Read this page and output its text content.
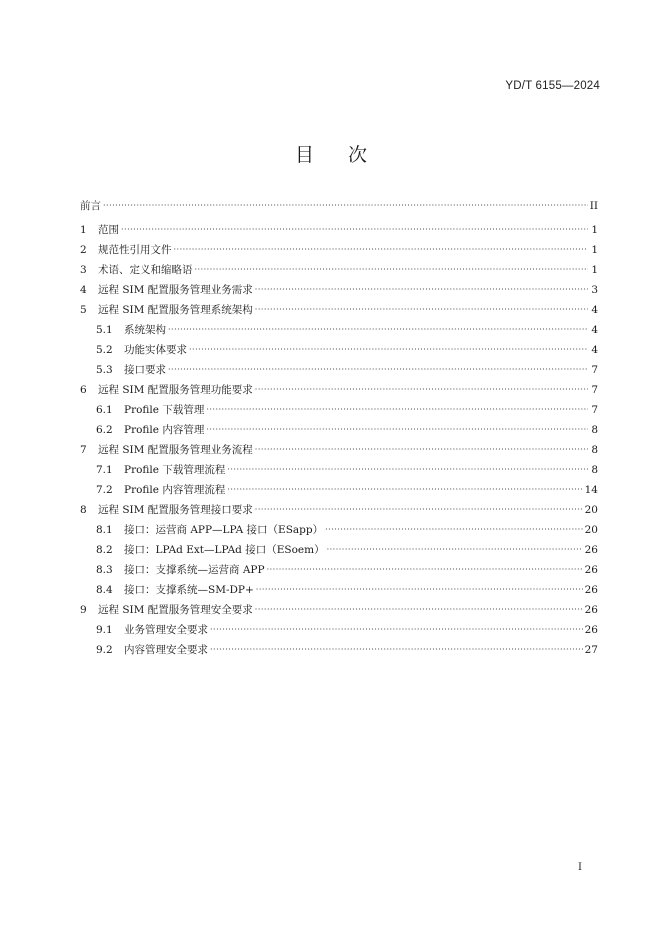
YD/T 6155—2024
目 次
前言 ·····	II
1	范围 ·····	1
2	规范性引用文件 ·····	1
3	术语、定义和缩略语 ·····	1
4	远程 SIM 配置服务管理业务需求 ·····	3
5	远程 SIM 配置服务管理系统架构 ·····	4
5.1	系统架构 ·····	4
5.2	功能实体要求 ·····	4
5.3	接口要求 ·····	7
6	远程 SIM 配置服务管理功能要求 ·····	7
6.1	Profile 下载管理 ·····	7
6.2	Profile 内容管理 ·····	8
7	远程 SIM 配置服务管理业务流程 ·····	8
7.1	Profile 下载管理流程 ·····	8
7.2	Profile 内容管理流程 ·····	14
8	远程 SIM 配置服务管理接口要求 ·····	20
8.1	接口：运营商 APP—LPA 接口（ESapp） ·····	20
8.2	接口：LPAd Ext—LPAd 接口（ESoem） ·····	26
8.3	接口：支撑系统—运营商 APP ·····	26
8.4	接口：支撑系统—SM-DP+ ·····	26
9	远程 SIM 配置服务管理安全要求 ·····	26
9.1	业务管理安全要求 ·····	26
9.2	内容管理安全要求 ·····	27
I
